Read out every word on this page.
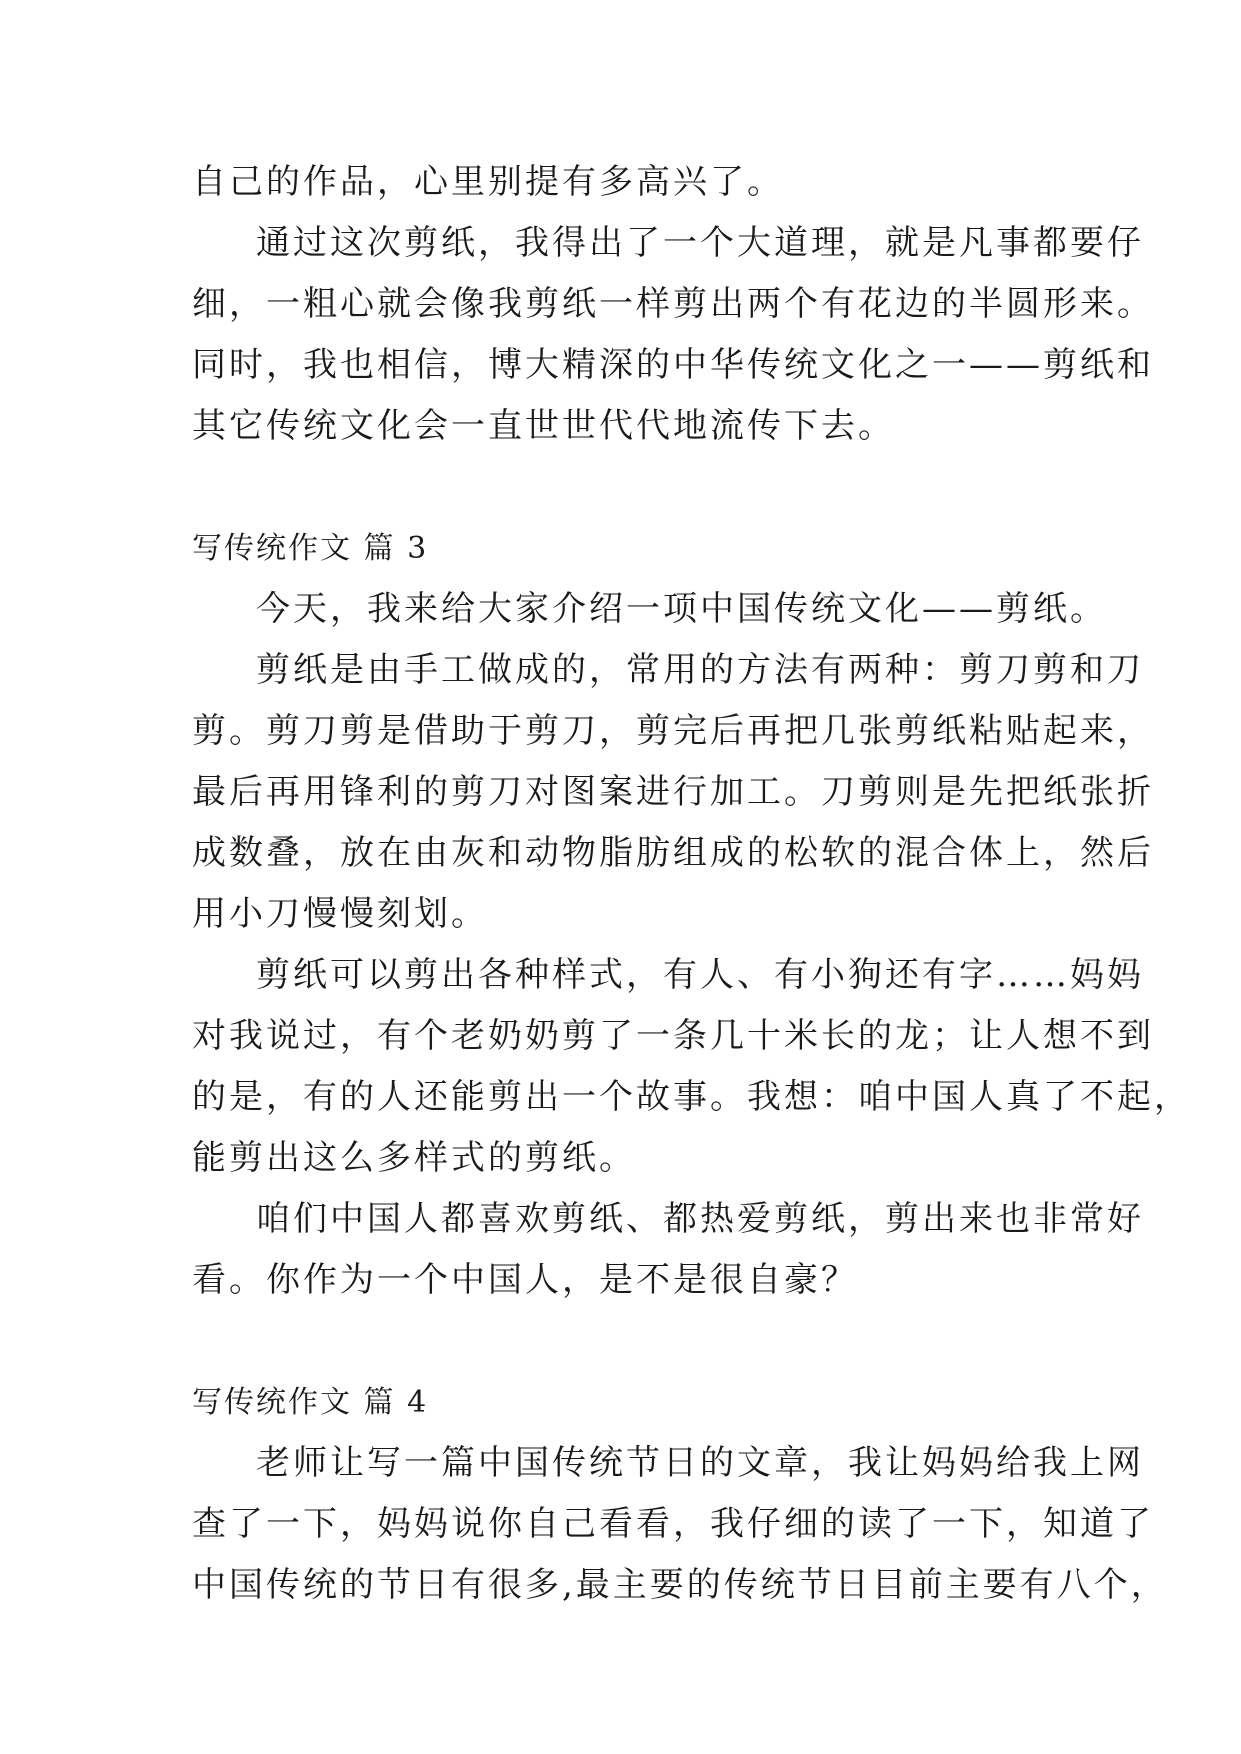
自己的作品，心里别提有多高兴了。
通过这次剪纸，我得出了一个大道理，就是凡事都要仔
细，一粗心就会像我剪纸一样剪出两个有花边的半圆形来。
同时，我也相信，博大精深的中华传统文化之一——剪纸和
其它传统文化会一直世世代代地流传下去。
写传统作文 篇 3
今天，我来给大家介绍一项中国传统文化——剪纸。
剪纸是由手工做成的，常用的方法有两种：剪刀剪和刀
剪。剪刀剪是借助于剪刀，剪完后再把几张剪纸粘贴起来，
最后再用锋利的剪刀对图案进行加工。刀剪则是先把纸张折
成数叠，放在由灰和动物脂肪组成的松软的混合体上，然后
用小刀慢慢刻划。
剪纸可以剪出各种样式，有人、有小狗还有字……妈妈
对我说过，有个老奶奶剪了一条几十米长的龙；让人想不到
的是，有的人还能剪出一个故事。我想：咱中国人真了不起，
能剪出这么多样式的剪纸。
咱们中国人都喜欢剪纸、都热爱剪纸，剪出来也非常好
看。你作为一个中国人，是不是很自豪？
写传统作文 篇 4
老师让写一篇中国传统节日的文章，我让妈妈给我上网
查了一下，妈妈说你自己看看，我仔细的读了一下，知道了
中国传统的节日有很多,最主要的传统节日目前主要有八个，
